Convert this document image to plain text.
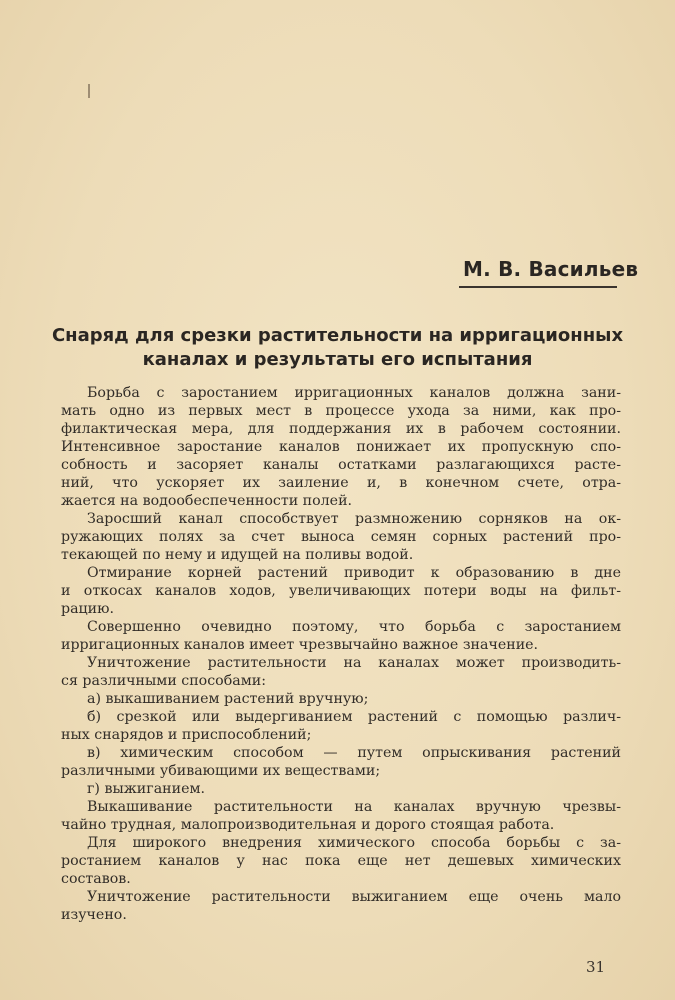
М. В. Васильев
Снаряд для срезки растительности на ирригационных
каналах и результаты его испытания
Борьба с заростанием ирригационных каналов должна зани-
мать одно из первых мест в процессе ухода за ними, как про-
филактическая мера, для поддержания их в рабочем состоянии.
Интенсивное заростание каналов понижает их пропускную спо-
собность и засоряет каналы остатками разлагающихся расте-
ний, что ускоряет их заиление и, в конечном счете, отра-
жается на водообеспеченности полей.
Заросший канал способствует размножению сорняков на ок-
ружающих полях за счет выноса семян сорных растений про-
текающей по нему и идущей на поливы водой.
Отмирание корней растений приводит к образованию в дне
и откосах каналов ходов, увеличивающих потери воды на фильт-
рацию.
Совершенно очевидно поэтому, что борьба с заростанием
ирригационных каналов имеет чрезвычайно важное значение.
Уничтожение растительности на каналах может производить-
ся различными способами:
а) выкашиванием растений вручную;
б) срезкой или выдергиванием растений с помощью различ-
ных снарядов и приспособлений;
в) химическим способом — путем опрыскивания растений
различными убивающими их веществами;
г) выжиганием.
Выкашивание растительности на каналах вручную чрезвы-
чайно трудная, малопроизводительная и дорого стоящая работа.
Для широкого внедрения химического способа борьбы с за-
ростанием каналов у нас пока еще нет дешевых химических
составов.
Уничтожение растительности выжиганием еще очень мало
изучено.
31
